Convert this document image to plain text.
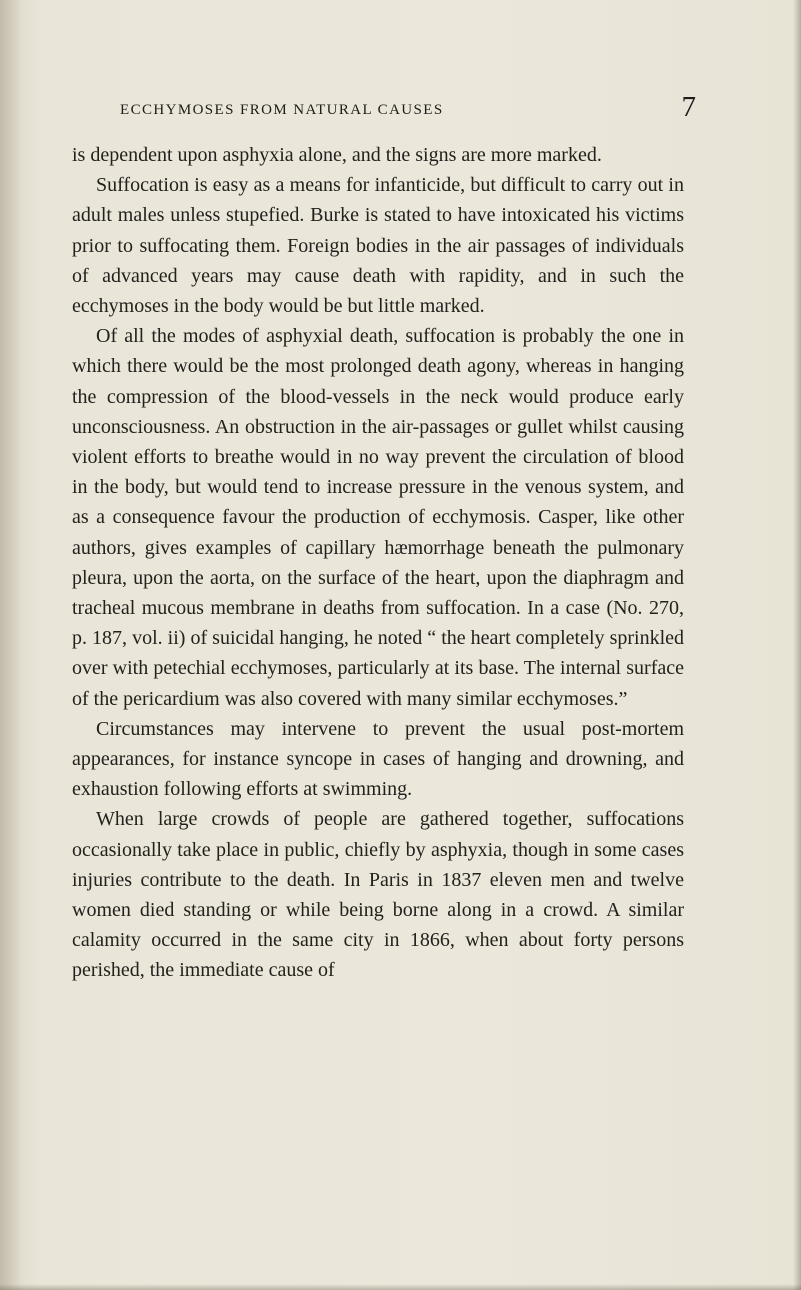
ECCHYMOSES FROM NATURAL CAUSES	7

is dependent upon asphyxia alone, and the signs are more marked.

Suffocation is easy as a means for infanticide, but difficult to carry out in adult males unless stupefied. Burke is stated to have intoxicated his victims prior to suffocating them. Foreign bodies in the air passages of individuals of advanced years may cause death with rapidity, and in such the ecchymoses in the body would be but little marked.

Of all the modes of asphyxial death, suffocation is probably the one in which there would be the most prolonged death agony, whereas in hanging the compression of the blood-vessels in the neck would produce early unconsciousness. An obstruction in the air-passages or gullet whilst causing violent efforts to breathe would in no way prevent the circulation of blood in the body, but would tend to increase pressure in the venous system, and as a consequence favour the production of ecchymosis. Casper, like other authors, gives examples of capillary hæmorrhage beneath the pulmonary pleura, upon the aorta, on the surface of the heart, upon the diaphragm and tracheal mucous membrane in deaths from suffocation. In a case (No. 270, p. 187, vol. ii) of suicidal hanging, he noted “ the heart completely sprinkled over with petechial ecchymoses, particularly at its base. The internal surface of the pericardium was also covered with many similar ecchymoses.”

Circumstances may intervene to prevent the usual post-mortem appearances, for instance syncope in cases of hanging and drowning, and exhaustion following efforts at swimming.

When large crowds of people are gathered together, suffocations occasionally take place in public, chiefly by asphyxia, though in some cases injuries contribute to the death. In Paris in 1837 eleven men and twelve women died standing or while being borne along in a crowd. A similar calamity occurred in the same city in 1866, when about forty persons perished, the immediate cause of
